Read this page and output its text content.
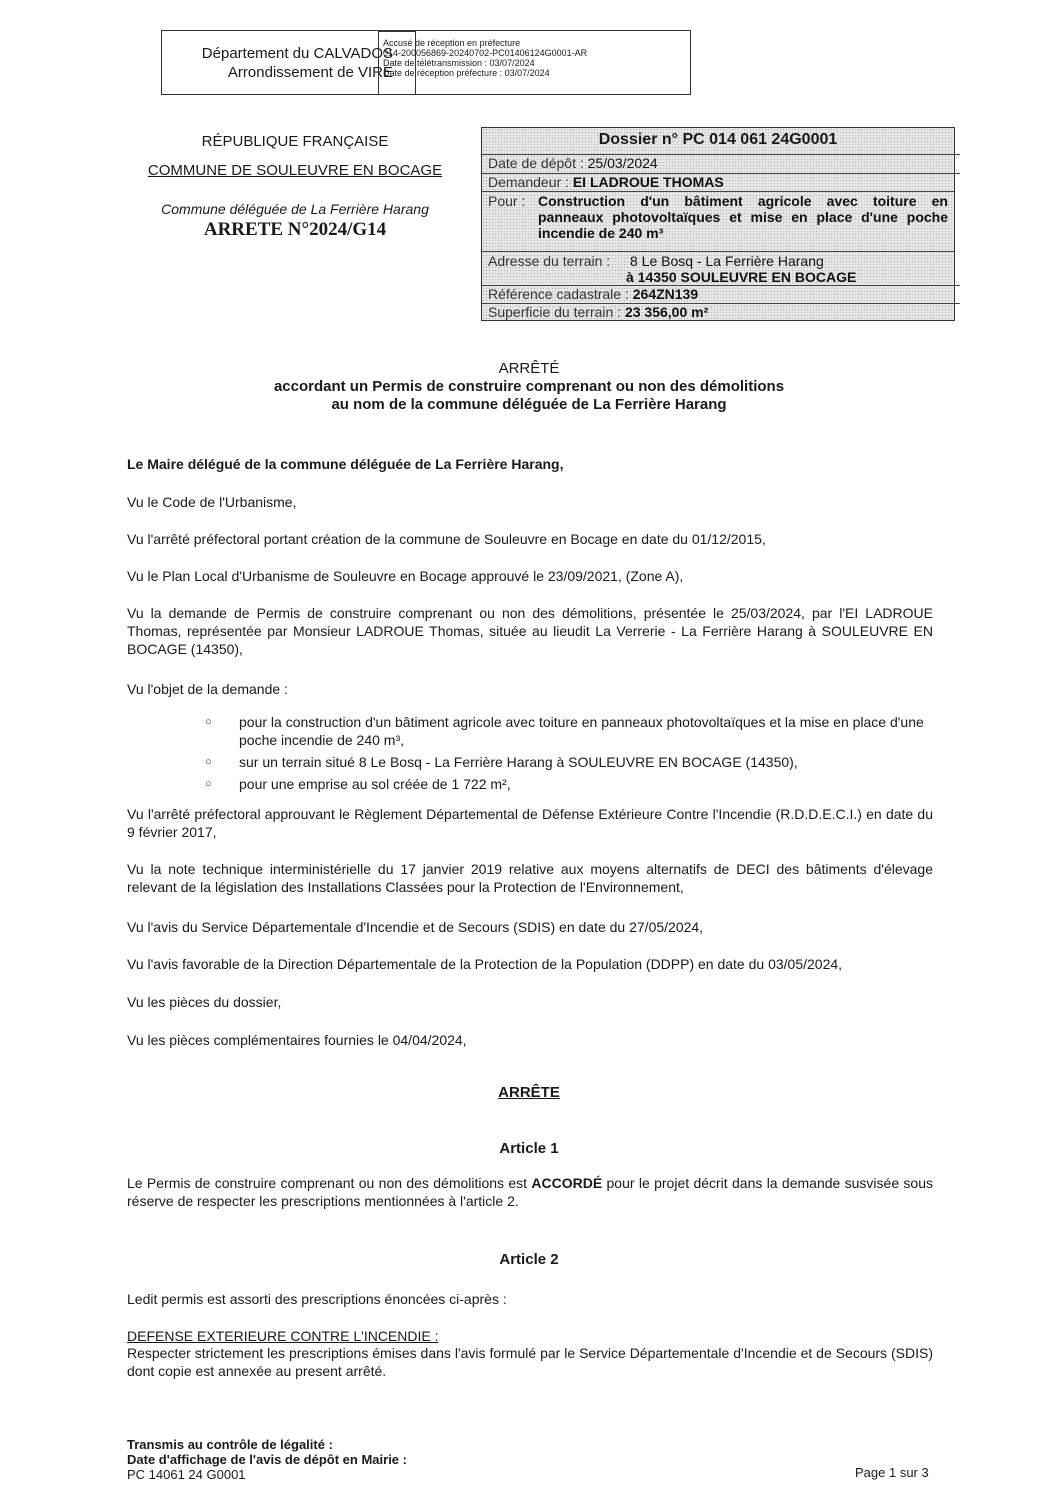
Département du CALVADOS
Arrondissement de VIRE
Accusé de réception en préfecture
014-200056869-20240702-PC01406124G0001-AR
Date de télétransmission : 03/07/2024
Date de réception préfecture : 03/07/2024
RÉPUBLIQUE FRANÇAISE
COMMUNE DE SOULEUVRE EN BOCAGE
Commune déléguée de La Ferrière Harang
ARRETE N°2024/G14
Dossier n° PC 014 061 24G0001
Date de dépôt : 25/03/2024
Demandeur : EI LADROUE THOMAS
Pour : Construction d'un bâtiment agricole avec toiture en panneaux photovoltaïques et mise en place d'une poche incendie de 240 m³
Adresse du terrain : 8 Le Bosq - La Ferrière Harang
à 14350 SOULEUVRE EN BOCAGE
Référence cadastrale : 264ZN139
Superficie du terrain : 23 356,00 m²
ARRÊTÉ
accordant un Permis de construire comprenant ou non des démolitions
au nom de la commune déléguée de La Ferrière Harang
Le Maire délégué de la commune déléguée de La Ferrière Harang,
Vu le Code de l'Urbanisme,
Vu l'arrêté préfectoral portant création de la commune de Souleuvre en Bocage en date du 01/12/2015,
Vu le Plan Local d'Urbanisme de Souleuvre en Bocage approuvé le 23/09/2021, (Zone A),
Vu la demande de Permis de construire comprenant ou non des démolitions, présentée le 25/03/2024, par l'EI LADROUE Thomas, représentée par Monsieur LADROUE Thomas, située au lieudit La Verrerie - La Ferrière Harang à SOULEUVRE EN BOCAGE (14350),
Vu l'objet de la demande :
○ pour la construction d'un bâtiment agricole avec toiture en panneaux photovoltaïques et la mise en place d'une poche incendie de 240 m³,
○ sur un terrain situé 8 Le Bosq - La Ferrière Harang à SOULEUVRE EN BOCAGE (14350),
○ pour une emprise au sol créée de 1 722 m²,
Vu l'arrêté préfectoral approuvant le Règlement Départemental de Défense Extérieure Contre l'Incendie (R.D.D.E.C.I.) en date du 9 février 2017,
Vu la note technique interministérielle du 17 janvier 2019 relative aux moyens alternatifs de DECI des bâtiments d'élevage relevant de la législation des Installations Classées pour la Protection de l'Environnement,
Vu l'avis du Service Départementale d'Incendie et de Secours (SDIS) en date du 27/05/2024,
Vu l'avis favorable de la Direction Départementale de la Protection de la Population (DDPP) en date du 03/05/2024,
Vu les pièces du dossier,
Vu les pièces complémentaires fournies le 04/04/2024,
ARRÊTE
Article 1
Le Permis de construire comprenant ou non des démolitions est ACCORDÉ pour le projet décrit dans la demande susvisée sous réserve de respecter les prescriptions mentionnées à l'article 2.
Article 2
Ledit permis est assorti des prescriptions énoncées ci-après :
DEFENSE EXTERIEURE CONTRE L'INCENDIE :
Respecter strictement les prescriptions émises dans l'avis formulé par le Service Départementale d'Incendie et de Secours (SDIS) dont copie est annexée au present arrêté.
Transmis au contrôle de légalité :
Date d'affichage de l'avis de dépôt en Mairie :
PC 14061 24 G0001	Page 1 sur 3
